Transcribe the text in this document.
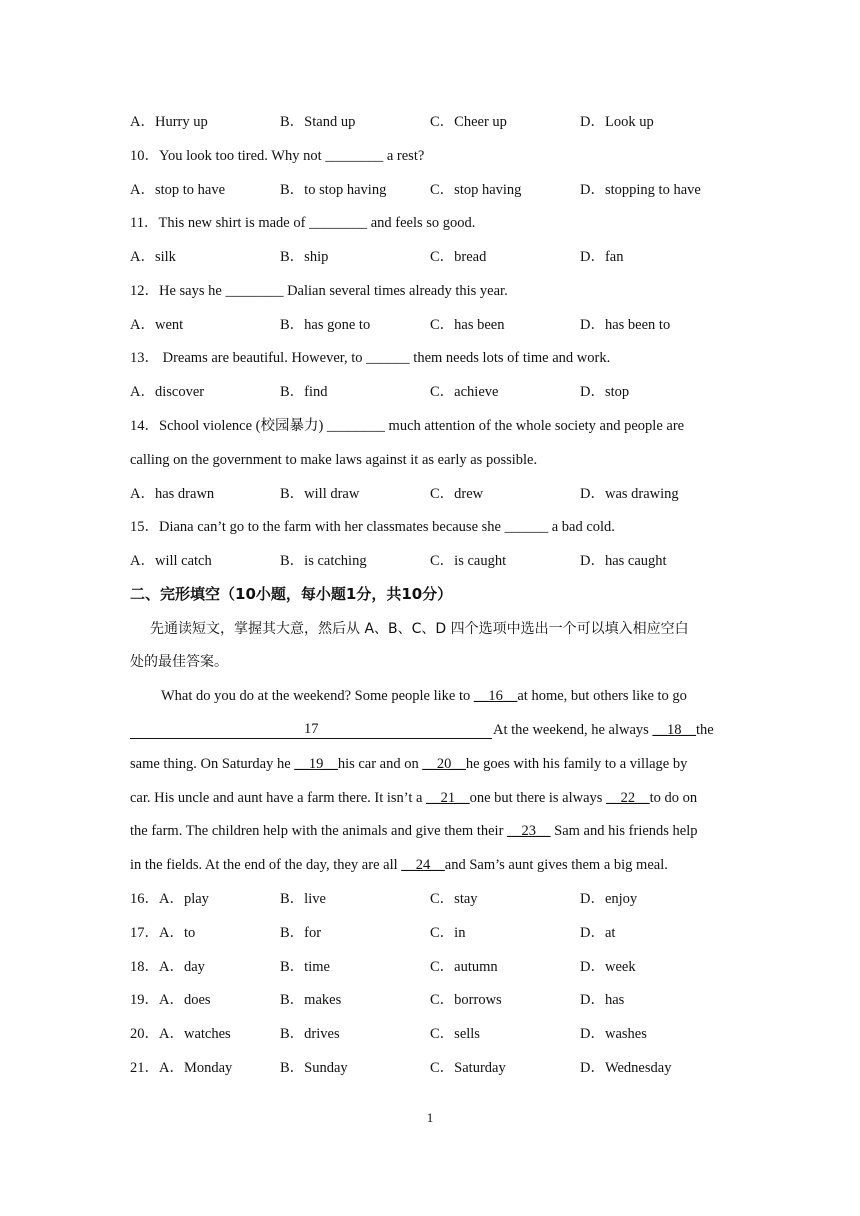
A．Hurry up	B．Stand up	C．Cheer up	D．Look up
10．You look too tired. Why not ________ a rest?
A．stop to have	B．to stop having	C．stop having	D．stopping to have
11．This new shirt is made of ________ and feels so good.
A．silk	B．ship	C．bread	D．fan
12．He says he ________ Dalian several times already this year.
A．went	B．has gone to	C．has been	D．has been to
13． Dreams are beautiful. However, to ______ them needs lots of time and work.
A．discover	B．find	C．achieve	D．stop
14．School violence (校园暴力) ________ much attention of the whole society and people are
calling on the government to make laws against it as early as possible.
A．has drawn	B．will draw	C．drew	D．was drawing
15．Diana can’t go to the farm with her classmates because she ______ a bad cold.
A．will catch	B．is catching	C．is caught	D．has caught
二、完形填空（10小题，每小题1分，共10分）
先通读短文，掌握其大意，然后从 A、B、C、D 四个选项中选出一个可以填入相应空白
处的最佳答案。
What do you do at the weekend? Some people like to __16__at home, but others like to go
17	At the weekend, he always __18__the
same thing. On Saturday he __19__his car and on __20__he goes with his family to a village by
car. His uncle and aunt have a farm there. It isn’t a __21__one but there is always __22__to do on
the farm. The children help with the animals and give them their __23__ Sam and his friends help
in the fields. At the end of the day, they are all __24__and Sam’s aunt gives them a big meal.
16．A．play	B．live	C．stay	D．enjoy
17．A．to	B．for	C．in	D．at
18．A．day	B．time	C．autumn	D．week
19．A．does	B．makes	C．borrows	D．has
20．A．watches	B．drives	C．sells	D．washes
21．A．Monday	B．Sunday	C．Saturday	D．Wednesday
1
